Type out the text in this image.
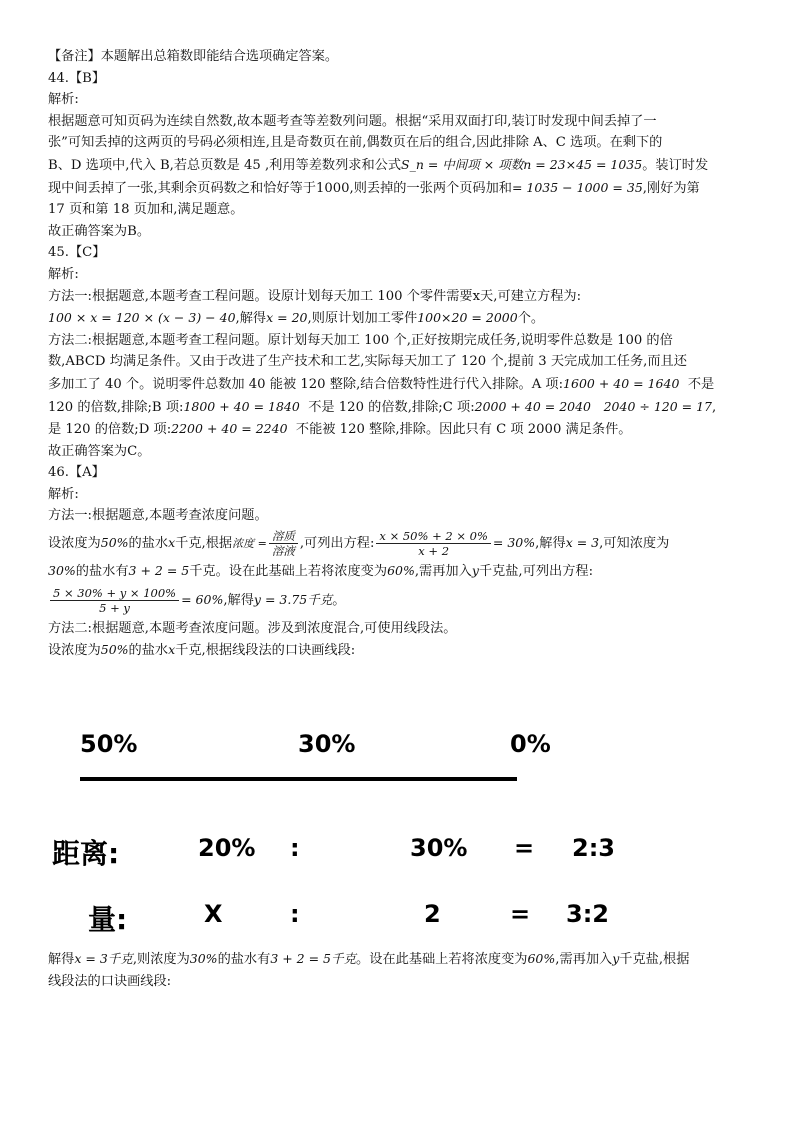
【备注】本题解出总箱数即能结合选项确定答案。
44.【B】
解析:
根据题意可知页码为连续自然数,故本题考查等差数列问题。根据“采用双面打印,装订时发现中间丢掉了一
张”可知丢掉的这两页的号码必须相连,且是奇数页在前,偶数页在后的组合,因此排除 A、C 选项。在剩下的
B、D 选项中,代入 B,若总页数是 45 ,利用等差数列求和公式S_n = 中间项 × 项数n = 23×45 = 1035。装订时发
现中间丢掉了一张,其剩余页码数之和恰好等于1000,则丢掉的一张两个页码加和= 1035 − 1000 = 35,刚好为第
17 页和第 18 页加和,满足题意。
故正确答案为B。
45.【C】
解析:
方法一:根据题意,本题考查工程问题。设原计划每天加工 100 个零件需要x天,可建立方程为:
100 × x = 120 × (x − 3) − 40,解得x = 20,则原计划加工零件100×20 = 2000个。
方法二:根据题意,本题考查工程问题。原计划每天加工 100 个,正好按期完成任务,说明零件总数是 100 的倍
数,ABCD 均满足条件。又由于改进了生产技术和工艺,实际每天加工了 120 个,提前 3 天完成加工任务,而且还
多加工了 40 个。说明零件总数加 40 能被 120 整除,结合倍数特性进行代入排除。A 项:1600 + 40 = 1640 不是
120 的倍数,排除;B 项:1800 + 40 = 1840 不是 120 的倍数,排除;C 项:2000 + 40 = 2040 2040 ÷ 120 = 17,
是 120 的倍数;D 项:2200 + 40 = 2240 不能被 120 整除,排除。因此只有 C 项 2000 满足条件。
故正确答案为C。
46.【A】
解析:
方法一:根据题意,本题考查浓度问题。
设浓度为50%的盐水x千克,根据浓度 = $\frac{\text{溶质}}{\text{溶液}}$ ,可列出方程: $\frac{x \times 50\% + 2 \times 0\%}{x + 2} = 30\%$,解得x = 3,可知浓度为
30%的盐水有3 + 2 = 5千克。设在此基础上若将浓度变为60%,需再加入y千克盐,可列出方程:
$\frac{5 \times 30\% + y \times 100\%}{5 + y} = 60\%$,解得y = 3.75千克。
方法二:根据题意,本题考查浓度问题。涉及到浓度混合,可使用线段法。
设浓度为50%的盐水x千克,根据线段法的口诀画线段:
50%	30%	0%
距离:	20% :	30% = 2:3
量:	X	:	2	= 3:2
解得x = 3千克,则浓度为30%的盐水有3 + 2 = 5千克。设在此基础上若将浓度变为60%,需再加入y千克盐,根据
线段法的口诀画线段:
